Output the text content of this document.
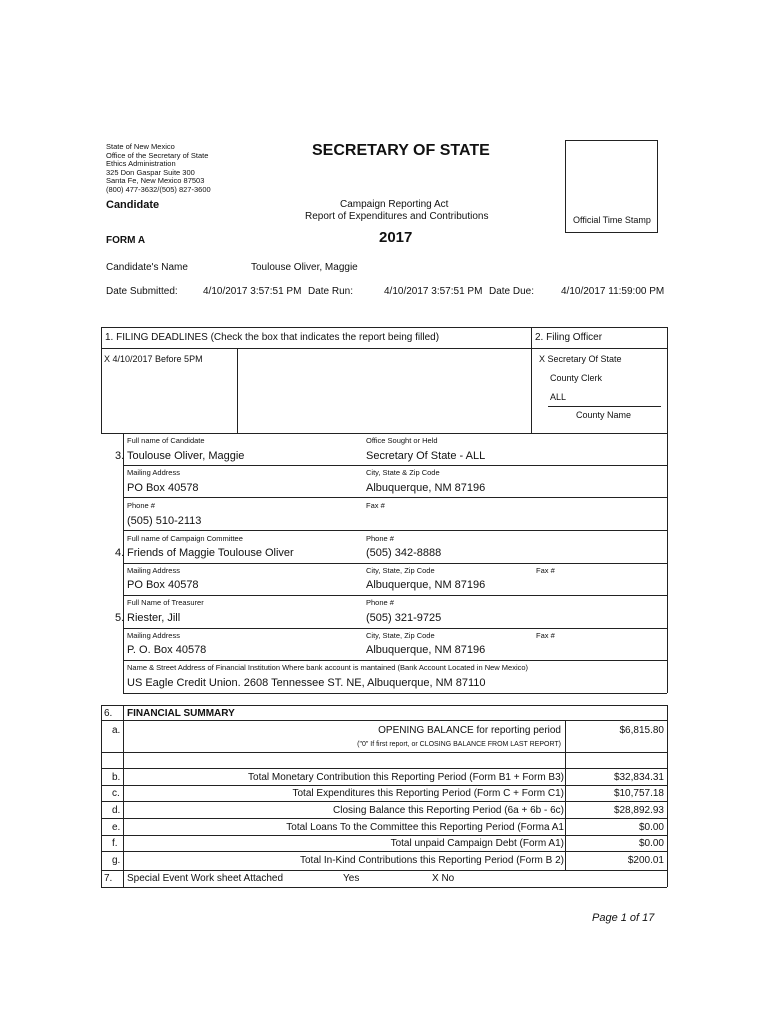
State of New Mexico
Office of the Secretary of State
Ethics Administration
325 Don Gaspar Suite 300
Santa Fe, New Mexico 87503
(800) 477-3632/(505) 827-3600
SECRETARY OF STATE
Candidate	Campaign Reporting Act
Report of Expenditures and Contributions
2017
FORM A
Official Time Stamp
Candidate's Name	Toulouse Oliver, Maggie
Date Submitted:	4/10/2017 3:57:51 PM Date Run:	4/10/2017 3:57:51 PM Date Due:	4/10/2017 11:59:00 PM
1. FILING DEADLINES (Check the box that indicates the report being filled)	2. Filing Officer
X 4/10/2017 Before 5PM	X Secretary Of State
County Clerk
ALL
County Name
Full name of Candidate	Office Sought or Held
3. Toulouse Oliver, Maggie	Secretary Of State - ALL
Mailing Address	City, State & Zip Code
PO Box 40578	Albuquerque, NM 87196
Phone #	Fax #
(505) 510-2113
Full name of Campaign Committee	Phone #
4. Friends of Maggie Toulouse Oliver	(505) 342-8888
Mailing Address	City, State, Zip Code	Fax #
PO Box 40578	Albuquerque, NM 87196
Full Name of Treasurer	Phone #
5. Riester, Jill	(505) 321-9725
Mailing Address	City, State, Zip Code	Fax #
P. O. Box 40578	Albuquerque, NM 87196
Name & Street Address of Financial Institution Where bank account is mantained (Bank Account Located in New Mexico)
US Eagle Credit Union. 2608 Tennessee ST. NE, Albuquerque, NM 87110
6. FINANCIAL SUMMARY
a.	OPENING BALANCE for reporting period	$6,815.80
("0" If first report, or CLOSING BALANCE FROM LAST REPORT)
b.	Total Monetary Contribution this Reporting Period (Form B1 + Form B3)	$32,834.31
c.	Total Expenditures this Reporting Period (Form C + Form C1)	$10,757.18
d.	Closing Balance this Reporting Period (6a + 6b - 6c)	$28,892.93
e.	Total Loans To the Committee this Reporting Period (Forma A1	$0.00
f.	Total unpaid Campaign Debt (Form A1)	$0.00
g.	Total In-Kind Contributions this Reporting Period (Form B 2)	$200.01
7. Special Event Work sheet Attached	Yes	X No
Page 1 of 17
